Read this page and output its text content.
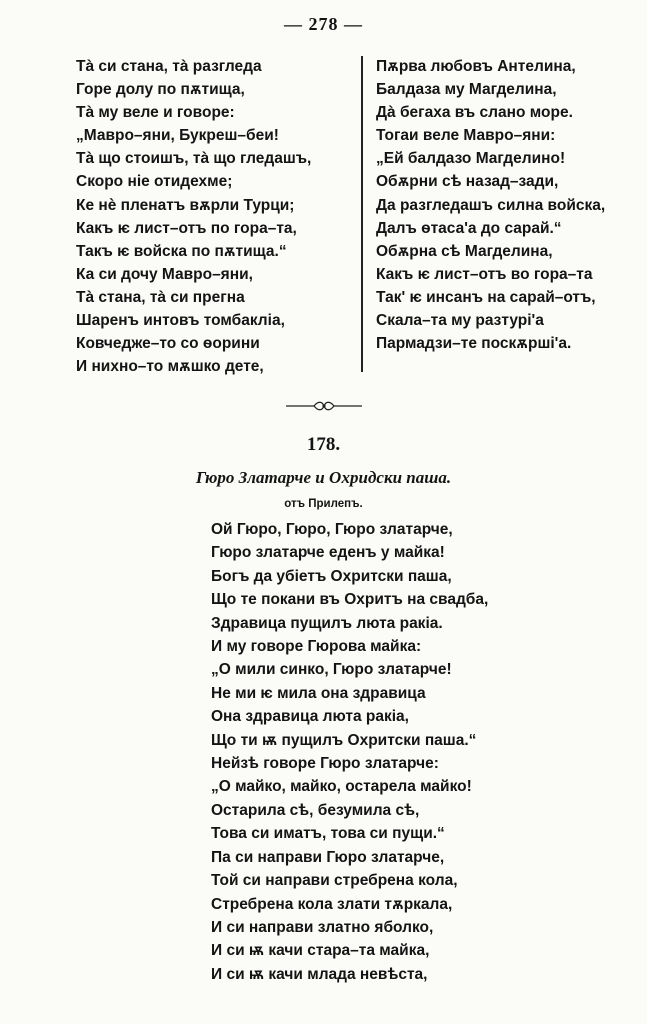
— 278 —
Тà си стана, тà разгледа
Горе долу по пѫтища,
Тà му веле и говоре:
„Мавро–яни, Букреш–беи!
Тà що стоишъ, тà що гледашъ,
Скоро ніе отидехме;
Ке нѐ пленатъ вѫрли Турци;
Какъ ѥ лист–отъ по гора–та,
Такъ ѥ войска по пѫтища.“
Ка си дочу Мавро–яни,
Тà стана, тà си прегна
Шаренъ интовъ томбакліа,
Ковчедже–то со ѳорини
И нихно–то мѫшко дете,
Пѫрва любовъ Антелина,
Балдаза му Магделина,
Дà бегаха въ слано море.
Тогаи веле Мавро–яни:
„Ей балдазо Магделино!
Обѫрни сѣ назад–зади,
Да разгледашъ силна войска,
Далъ ѳтаса'а до сарай.“
Обѫрна сѣ Магделина,
Какъ ѥ лист–отъ во гора–та
Так' ѥ инсанъ на сарай–отъ,
Скала–та му разтурі'а
Пармадзи–те поскѫрші'а.
178.
Гюро Златарче и Охридски паша.
отъ Прилепъ.
Ой Гюро, Гюро, Гюро златарче,
Гюро златарче еденъ у майка!
Богъ да убіетъ Охритски паша,
Що те покани въ Охритъ на свадба,
Здравица пущилъ люта ракіа.
И му говоре Гюрова майка:
„О мили синко, Гюро златарче!
Не ми ѥ мила она здравица
Она здравица люта ракіа,
Що ти ѭ пущилъ Охритски паша.“
Нейзѣ говоре Гюро златарче:
„О майко, майко, остарела майко!
Остарила сѣ, безумила сѣ,
Това си иматъ, това си пущи.“
Па си направи Гюро златарче,
Той си направи стребрена кола,
Стребрена кола злати тѫркала,
И си направи златно яболко,
И си ѭ качи стара–та майка,
И си ѭ качи млада невѣста,
